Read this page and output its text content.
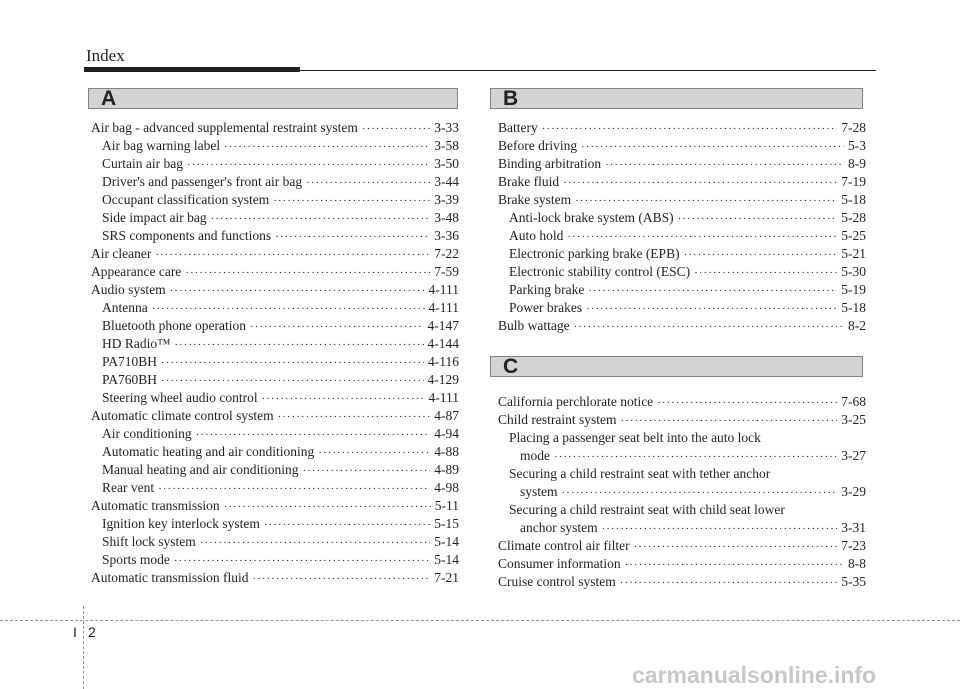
Index
A	B
C
Air bag - advanced supplemental restraint system ·····	3-33
Air bag warning label ·····	3-58
Curtain air bag ·····	3-50
Driver's and passenger's front air bag ·····	3-44
Occupant classification system ·····	3-39
Side impact air bag ·····	3-48
SRS components and functions ·····	3-36
Air cleaner ·····	7-22
Appearance care ·····	7-59
Audio system ·····	4-111
Antenna ·····	4-111
Bluetooth phone operation ·····	4-147
HD Radio™ ·····	4-144
PA710BH ·····	4-116
PA760BH ·····	4-129
Steering wheel audio control ·····	4-111
Automatic climate control system ·····	4-87
Air conditioning ·····	4-94
Automatic heating and air conditioning ·····	4-88
Manual heating and air conditioning ·····	4-89
Rear vent ·····	4-98
Automatic transmission ·····	5-11
Ignition key interlock system ·····	5-15
Shift lock system ·····	5-14
Sports mode ·····	5-14
Automatic transmission fluid ·····	7-21
Battery ·····	7-28
Before driving ·····	5-3
Binding arbitration ·····	8-9
Brake fluid ·····	7-19
Brake system ·····	5-18
Anti-lock brake system (ABS) ·····	5-28
Auto hold ·····	5-25
Electronic parking brake (EPB) ·····	5-21
Electronic stability control (ESC) ·····	5-30
Parking brake ·····	5-19
Power brakes ·····	5-18
Bulb wattage ·····	8-2
California perchlorate notice ·····	7-68
Child restraint system ·····	3-25
Placing a passenger seat belt into the auto lock
mode ·····	3-27
Securing a child restraint seat with tether anchor
system ·····	3-29
Securing a child restraint seat with child seat lower
anchor system ·····	3-31
Climate control air filter ·····	7-23
Consumer information ·····	8-8
Cruise control system ·····	5-35
I 2
carmanualsonline.info
